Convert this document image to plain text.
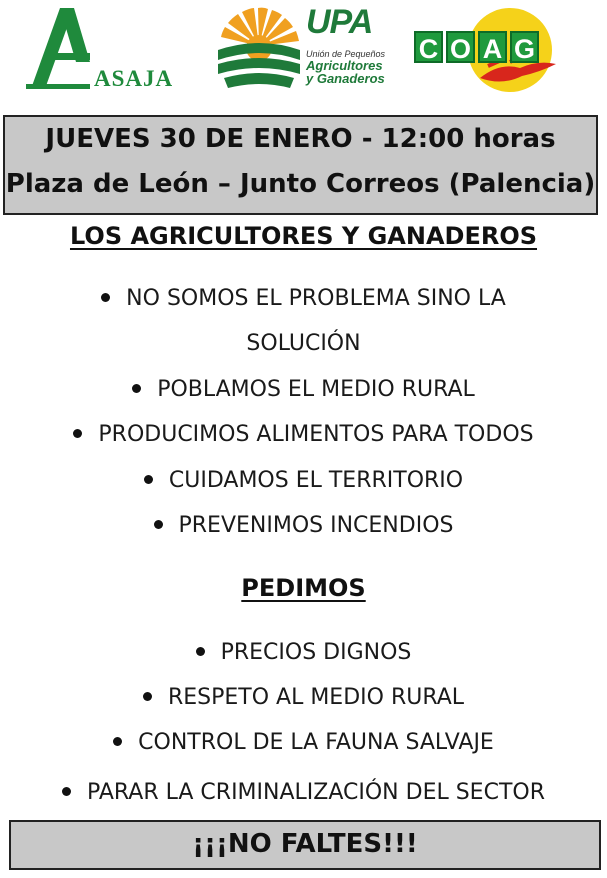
ASAJA
UPA
Unión de Pequeños
Agricultores
y Ganaderos
C O A G
JUEVES 30 DE ENERO - 12:00 horas
Plaza de León – Junto Correos (Palencia)
LOS AGRICULTORES Y GANADEROS
NO SOMOS EL PROBLEMA SINO LA
SOLUCIÓN
POBLAMOS EL MEDIO RURAL
PRODUCIMOS ALIMENTOS PARA TODOS
CUIDAMOS EL TERRITORIO
PREVENIMOS INCENDIOS
PEDIMOS
PRECIOS DIGNOS
RESPETO AL MEDIO RURAL
CONTROL DE LA FAUNA SALVAJE
PARAR LA CRIMINALIZACIÓN DEL SECTOR
¡¡¡NO FALTES!!!
